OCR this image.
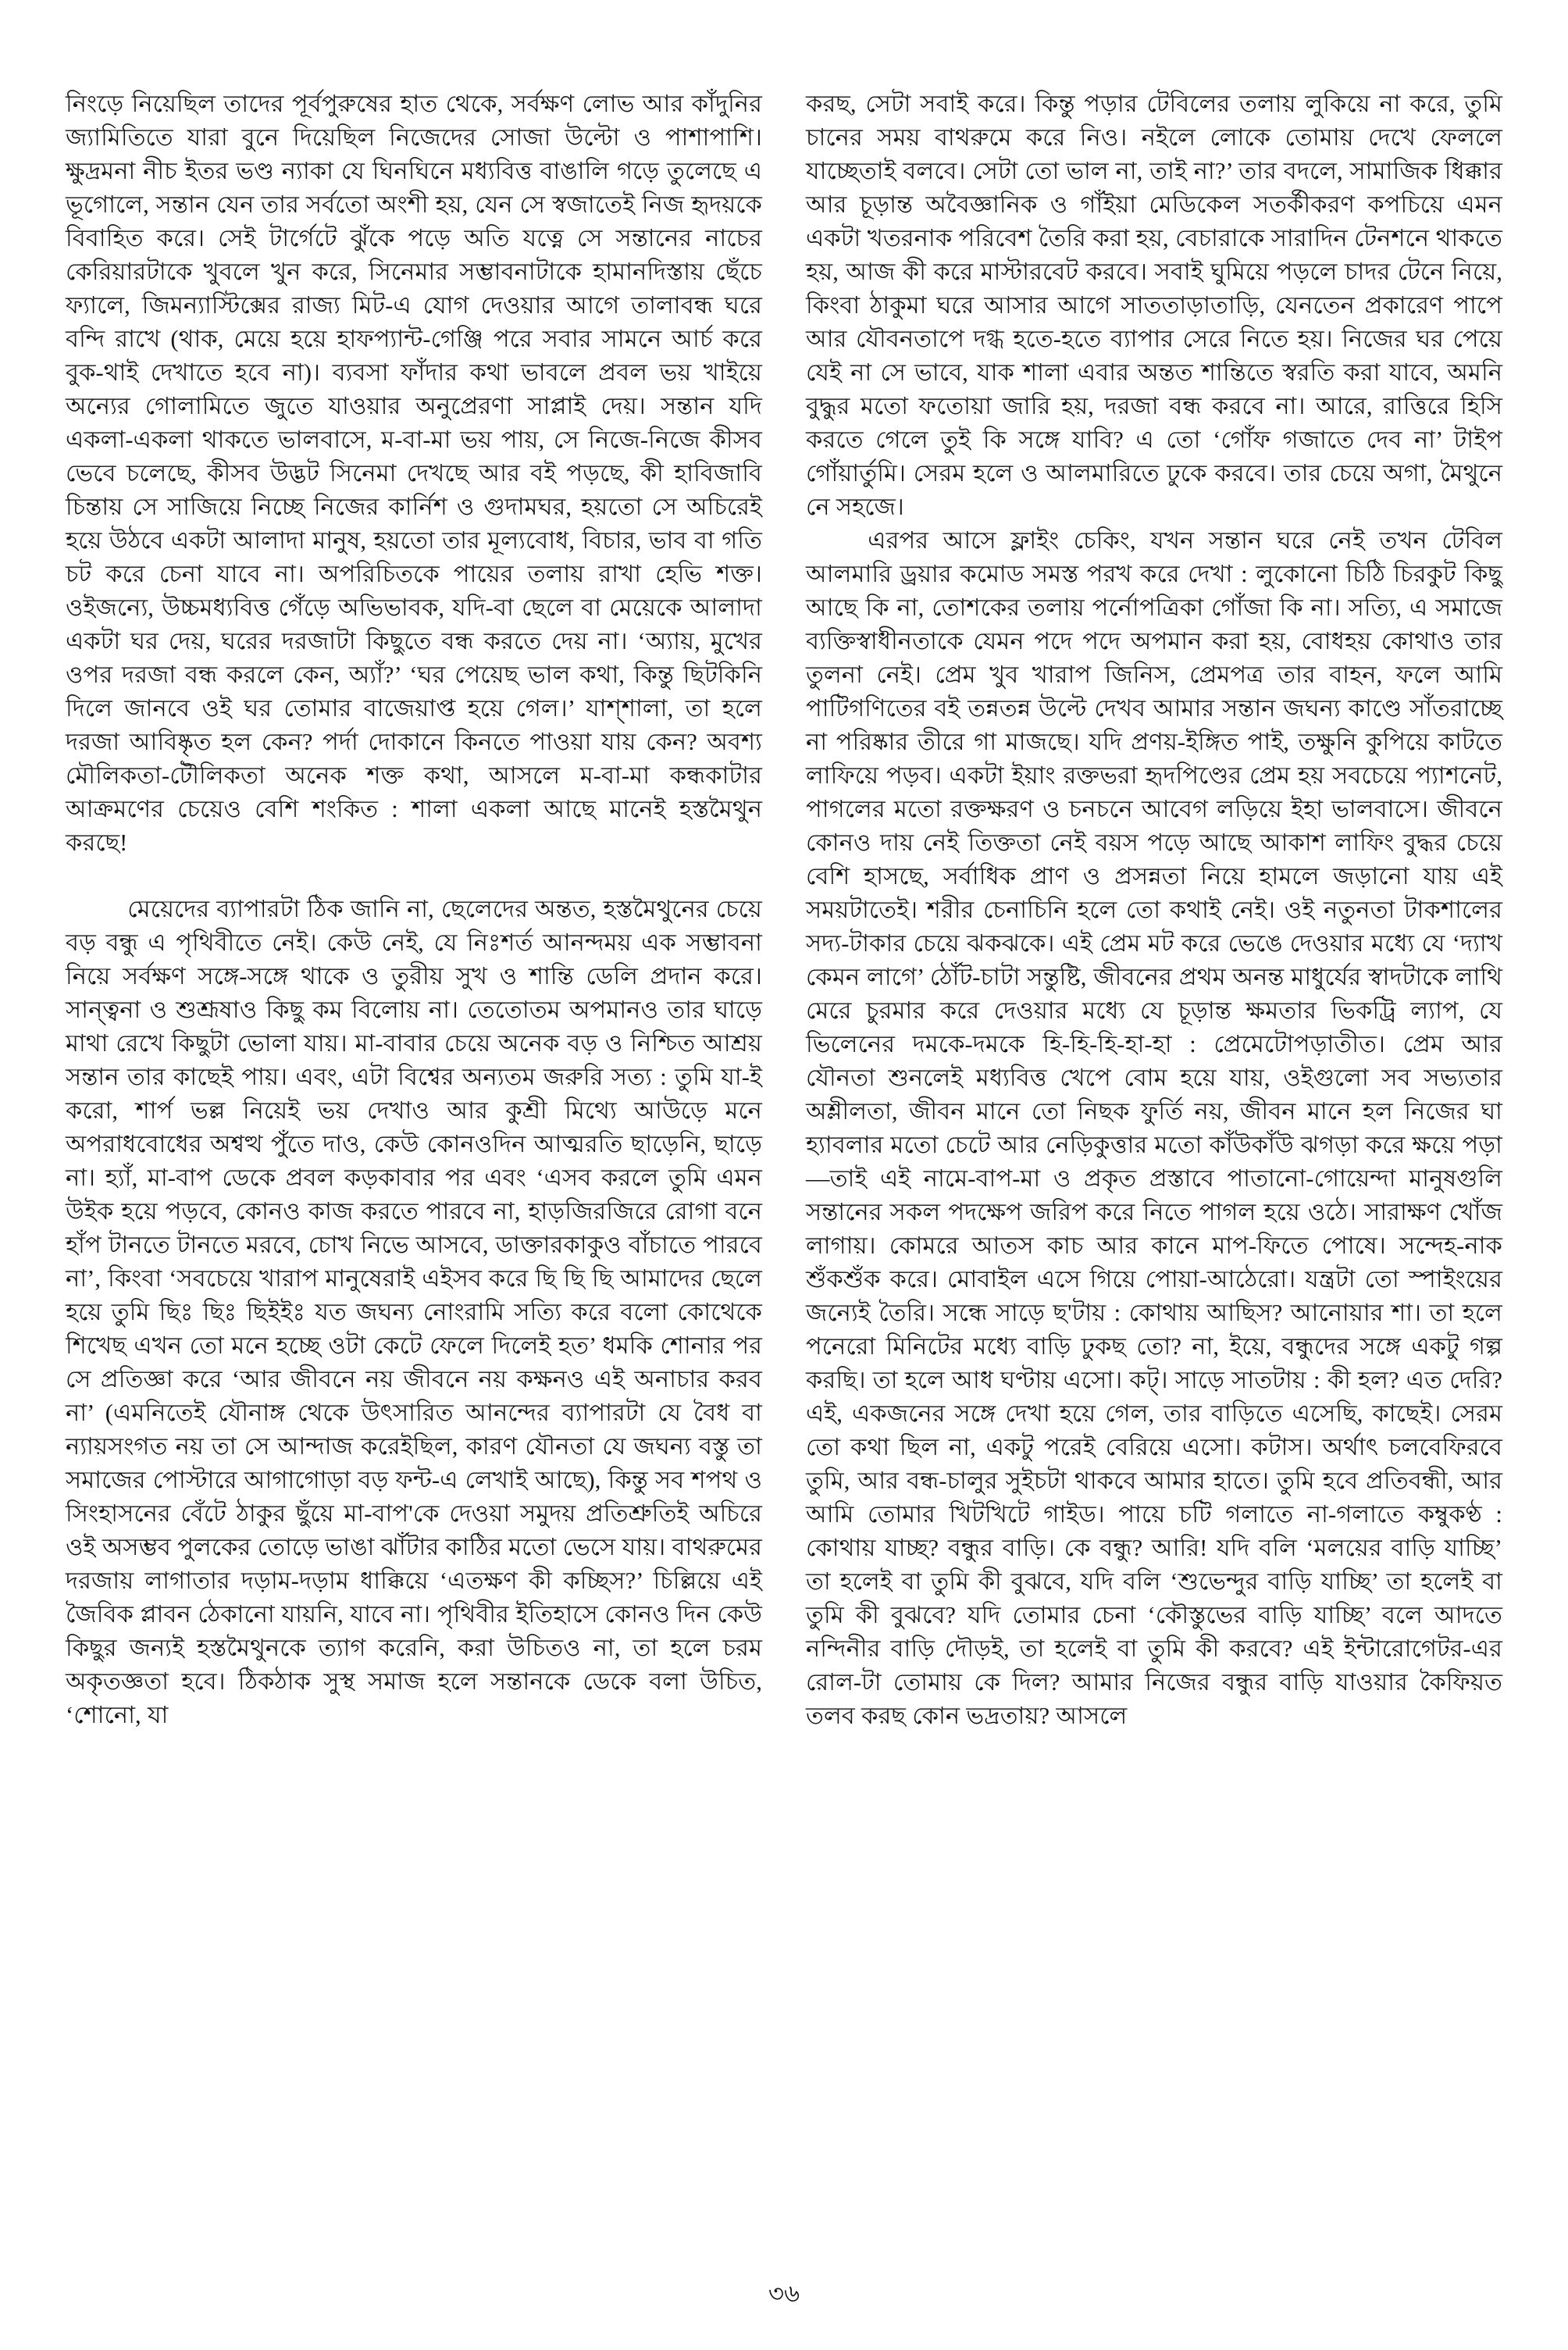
নিংড়ে নিয়েছিল তাদের পূর্বপুরুষের হাত থেকে, সর্বক্ষণ লোভ আর কাঁদুনির জ্যামিতিতে যারা বুনে দিয়েছিল নিজেদের সোজা উল্টো ও পাশাপাশি। ক্ষুদ্রমনা নীচ ইতর ভণ্ড ন্যাকা যে ঘিনঘিনে মধ্যবিত্ত বাঙালি গড়ে তুলেছে এ ভূগোলে, সন্তান যেন তার সর্বতো অংশী হয়, যেন সে স্বজাতেই নিজ হৃদয়কে বিবাহিত করে। সেই টার্গেটে ঝুঁকে পড়ে অতি যত্নে সে সন্তানের নাচের কেরিয়ারটাকে খুবলে খুন করে, সিনেমার সম্ভাবনাটাকে হামানদিস্তায় ছেঁচে ফ্যালে, জিমন্যাস্টিক্সের রাজ্য মিট-এ যোগ দেওয়ার আগে তালাবন্ধ ঘরে বন্দি রাখে (থাক, মেয়ে হয়ে হাফপ্যান্ট-গেঞ্জি পরে সবার সামনে আর্চ করে বুক-থাই দেখাতে হবে না)। ব্যবসা ফাঁদার কথা ভাবলে প্রবল ভয় খাইয়ে অন্যের গোলামিতে জুতে যাওয়ার অনুপ্রেরণা সাপ্লাই দেয়। সন্তান যদি একলা-একলা থাকতে ভালবাসে, ম-বা-মা ভয় পায়, সে নিজে-নিজে কীসব ভেবে চলেছে, কীসব উদ্ভট সিনেমা দেখছে আর বই পড়ছে, কী হাবিজাবি চিন্তায় সে সাজিয়ে নিচ্ছে নিজের কার্নিশ ও গুদামঘর, হয়তো সে অচিরেই হয়ে উঠবে একটা আলাদা মানুষ, হয়তো তার মূল্যবোধ, বিচার, ভাব বা গতি চট করে চেনা যাবে না। অপরিচিতকে পায়ের তলায় রাখা হেভি শক্ত। ওইজন্যে, উচ্চমধ্যবিত্ত গেঁড়ে অভিভাবক, যদি-বা ছেলে বা মেয়েকে আলাদা একটা ঘর দেয়, ঘরের দরজাটা কিছুতে বন্ধ করতে দেয় না। ‘অ্যায়, মুখের ওপর দরজা বন্ধ করলে কেন, অ্যাঁ?’ ‘ঘর পেয়েছ ভাল কথা, কিন্তু ছিটকিনি দিলে জানবে ওই ঘর তোমার বাজেয়াপ্ত হয়ে গেল।’ যাশ্শালা, তা হলে দরজা আবিষ্কৃত হল কেন? পর্দা দোকানে কিনতে পাওয়া যায় কেন? অবশ্য মৌলিকতা-টৌলিকতা অনেক শক্ত কথা, আসলে ম-বা-মা কন্ধকাটার আক্রমণের চেয়েও বেশি শংকিত : শালা একলা আছে মানেই হস্তমৈথুন করছে!

মেয়েদের ব্যাপারটা ঠিক জানি না, ছেলেদের অন্তত, হস্তমৈথুনের চেয়ে বড় বন্ধু এ পৃথিবীতে নেই। কেউ নেই, যে নিঃশর্ত আনন্দময় এক সম্ভাবনা নিয়ে সর্বক্ষণ সঙ্গে-সঙ্গে থাকে ও তুরীয় সুখ ও শান্তি ডেলি প্রদান করে। সান্ত্বনা ও শুশ্রূষাও কিছু কম বিলোয় না। তেতোতম অপমানও তার ঘাড়ে মাথা রেখে কিছুটা ভোলা যায়। মা-বাবার চেয়ে অনেক বড় ও নিশ্চিত আশ্রয় সন্তান তার কাছেই পায়। এবং, এটা বিশ্বের অন্যতম জরুরি সত্য : তুমি যা-ই করো, শার্প ভল্ল নিয়েই ভয় দেখাও আর কুশ্রী মিথ্যে আউড়ে মনে অপরাধবোধের অশ্বত্থ পুঁতে দাও, কেউ কোনওদিন আত্মরতি ছাড়েনি, ছাড়ে না। হ্যাঁ, মা-বাপ ডেকে প্রবল কড়কাবার পর এবং ‘এসব করলে তুমি এমন উইক হয়ে পড়বে, কোনও কাজ করতে পারবে না, হাড়জিরজিরে রোগা বনে হাঁপ টানতে টানতে মরবে, চোখ নিভে আসবে, ডাক্তারকাকুও বাঁচাতে পারবে না’, কিংবা ‘সবচেয়ে খারাপ মানুষেরাই এইসব করে ছি ছি ছি আমাদের ছেলে হয়ে তুমি ছিঃ ছিঃ ছিইইঃ যত জঘন্য নোংরামি সত্যি করে বলো কোথেকে শিখেছ এখন তো মনে হচ্ছে ওটা কেটে ফেলে দিলেই হত’ ধমকি শোনার পর সে প্রতিজ্ঞা করে ‘আর জীবনে নয় জীবনে নয় কক্ষনও এই অনাচার করব না’ (এমনিতেই যৌনাঙ্গ থেকে উৎসারিত আনন্দের ব্যাপারটা যে বৈধ বা ন্যায়সংগত নয় তা সে আন্দাজ করেইছিল, কারণ যৌনতা যে জঘন্য বস্তু তা সমাজের পোস্টারে আগাগোড়া বড় ফন্ট-এ লেখাই আছে), কিন্তু সব শপথ ও সিংহাসনের বেঁটে ঠাকুর ছুঁয়ে মা-বাপ'কে দেওয়া সমুদয় প্রতিশ্রুতিই অচিরে ওই অসম্ভব পুলকের তোড়ে ভাঙা ঝাঁটার কাঠির মতো ভেসে যায়। বাথরুমের দরজায় লাগাতার দড়াম-দড়াম ধাক্কিয়ে ‘এতক্ষণ কী কচ্ছিস?’ চিল্লিয়ে এই জৈবিক প্লাবন ঠেকানো যায়নি, যাবে না। পৃথিবীর ইতিহাসে কোনও দিন কেউ কিছুর জন্যই হস্তমৈথুনকে ত্যাগ করেনি, করা উচিতও না, তা হলে চরম অকৃতজ্ঞতা হবে। ঠিকঠাক সুস্থ সমাজ হলে সন্তানকে ডেকে বলা উচিত, ‘শোনো, যা

করছ, সেটা সবাই করে। কিন্তু পড়ার টেবিলের তলায় লুকিয়ে না করে, তুমি চানের সময় বাথরুমে করে নিও। নইলে লোকে তোমায় দেখে ফেললে যাচ্ছেতাই বলবে। সেটা তো ভাল না, তাই না?’ তার বদলে, সামাজিক ধিক্কার আর চূড়ান্ত অবৈজ্ঞানিক ও গাঁইয়া মেডিকেল সতর্কীকরণ কপচিয়ে এমন একটা খতরনাক পরিবেশ তৈরি করা হয়, বেচারাকে সারাদিন টেনশনে থাকতে হয়, আজ কী করে মাস্টারবেট করবে। সবাই ঘুমিয়ে পড়লে চাদর টেনে নিয়ে, কিংবা ঠাকুমা ঘরে আসার আগে সাততাড়াতাড়ি, যেনতেন প্রকারেণ পাপে আর যৌবনতাপে দগ্ধ হতে-হতে ব্যাপার সেরে নিতে হয়। নিজের ঘর পেয়ে যেই না সে ভাবে, যাক শালা এবার অন্তত শান্তিতে স্বরতি করা যাবে, অমনি বুদ্ধুর মতো ফতোয়া জারি হয়, দরজা বন্ধ করবে না। আরে, রাত্তিরে হিসি করতে গেলে তুই কি সঙ্গে যাবি? এ তো ‘গোঁফ গজাতে দেব না’ টাইপ গোঁয়ার্তুমি। সেরম হলে ও আলমারিতে ঢুকে করবে। তার চেয়ে অগা, মৈথুনে নে সহজে।

এরপর আসে ফ্লাইং চেকিং, যখন সন্তান ঘরে নেই তখন টেবিল আলমারি ড্রয়ার কমোড সমস্ত পরখ করে দেখা : লুকোনো চিঠি চিরকুট কিছু আছে কি না, তোশকের তলায় পর্নোপত্রিকা গোঁজা কি না। সত্যি, এ সমাজে ব্যক্তিস্বাধীনতাকে যেমন পদে পদে অপমান করা হয়, বোধহয় কোথাও তার তুলনা নেই। প্রেম খুব খারাপ জিনিস, প্রেমপত্র তার বাহন, ফলে আমি পাটিগণিতের বই তন্নতন্ন উল্টে দেখব আমার সন্তান জঘন্য কাণ্ডে সাঁতরাচ্ছে না পরিষ্কার তীরে গা মাজছে। যদি প্রণয়-ইঙ্গিত পাই, তক্ষুনি কুপিয়ে কাটতে লাফিয়ে পড়ব। একটা ইয়াং রক্তভরা হৃদপিণ্ডের প্রেম হয় সবচেয়ে প্যাশনেট, পাগলের মতো রক্তক্ষরণ ও চনচনে আবেগ লড়িয়ে ইহা ভালবাসে। জীবনে কোনও দায় নেই তিক্ততা নেই বয়স পড়ে আছে আকাশ লাফিং বুদ্ধর চেয়ে বেশি হাসছে, সর্বাধিক প্রাণ ও প্রসন্নতা নিয়ে হামলে জড়ানো যায় এই সময়টাতেই। শরীর চেনাচিনি হলে তো কথাই নেই। ওই নতুনতা টাকশালের সদ্য-টাকার চেয়ে ঝকঝকে। এই প্রেম মট করে ভেঙে দেওয়ার মধ্যে যে ‘দ্যাখ কেমন লাগে’ ঠোঁট-চাটা সন্তুষ্টি, জীবনের প্রথম অনন্ত মাধুর্যের স্বাদটাকে লাথি মেরে চুরমার করে দেওয়ার মধ্যে যে চূড়ান্ত ক্ষমতার ভিকট্রি ল্যাপ, যে ভিলেনের দমকে-দমকে হি-হি-হি-হা-হা : প্রেমেটোপড়াতীত। প্রেম আর যৌনতা শুনলেই মধ্যবিত্ত খেপে বোম হয়ে যায়, ওইগুলো সব সভ্যতার অশ্লীলতা, জীবন মানে তো নিছক ফুর্তি নয়, জীবন মানে হল নিজের ঘা হ্যাবলার মতো চেটে আর নেড়িকুত্তার মতো কাঁউকাঁউ ঝগড়া করে ক্ষয়ে পড়া—তাই এই নামে-বাপ-মা ও প্রকৃত প্রস্তাবে পাতানো-গোয়েন্দা মানুষগুলি সন্তানের সকল পদক্ষেপ জরিপ করে নিতে পাগল হয়ে ওঠে। সারাক্ষণ খোঁজ লাগায়। কোমরে আতস কাচ আর কানে মাপ-ফিতে পোষে। সন্দেহ-নাক শুঁকশুঁক করে। মোবাইল এসে গিয়ে পোয়া-আঠেরো। যন্ত্রটা তো স্পাইংয়ের জন্যেই তৈরি। সন্ধে সাড়ে ছ'টায় : কোথায় আছিস? আনোয়ার শা। তা হলে পনেরো মিনিটের মধ্যে বাড়ি ঢুকছ তো? না, ইয়ে, বন্ধুদের সঙ্গে একটু গল্প করছি। তা হলে আধ ঘণ্টায় এসো। কট্। সাড়ে সাতটায় : কী হল? এত দেরি? এই, একজনের সঙ্গে দেখা হয়ে গেল, তার বাড়িতে এসেছি, কাছেই। সেরম তো কথা ছিল না, একটু পরেই বেরিয়ে এসো। কটাস। অর্থাৎ চলবেফিরবে তুমি, আর বন্ধ-চালুর সুইচটা থাকবে আমার হাতে। তুমি হবে প্রতিবন্ধী, আর আমি তোমার খিটখিটে গাইড। পায়ে চটি গলাতে না-গলাতে কম্বুকণ্ঠ : কোথায় যাচ্ছ? বন্ধুর বাড়ি। কে বন্ধু? আরি! যদি বলি ‘মলয়ের বাড়ি যাচ্ছি’ তা হলেই বা তুমি কী বুঝবে, যদি বলি ‘শুভেন্দুর বাড়ি যাচ্ছি’ তা হলেই বা তুমি কী বুঝবে? যদি তোমার চেনা ‘কৌস্তুভের বাড়ি যাচ্ছি’ বলে আদতে নন্দিনীর বাড়ি দৌড়ই, তা হলেই বা তুমি কী করবে? এই ইন্টারোগেটর-এর রোল-টা তোমায় কে দিল? আমার নিজের বন্ধুর বাড়ি যাওয়ার কৈফিয়ত তলব করছ কোন ভদ্রতায়? আসলে

৩৬
